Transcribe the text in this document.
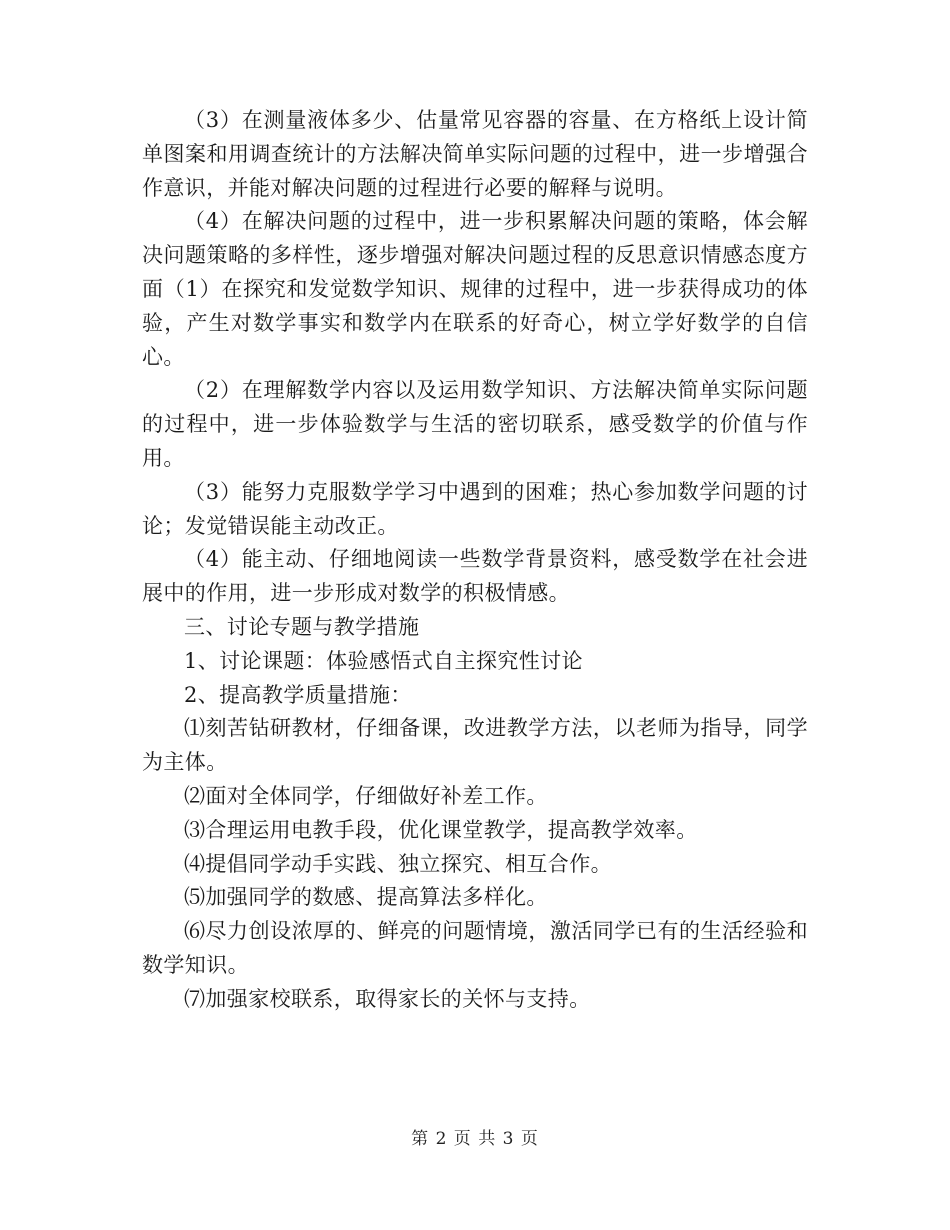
（3）在测量液体多少、估量常见容器的容量、在方格纸上设计简单图案和用调查统计的方法解决简单实际问题的过程中，进一步增强合作意识，并能对解决问题的过程进行必要的解释与说明。

（4）在解决问题的过程中，进一步积累解决问题的策略，体会解决问题策略的多样性，逐步增强对解决问题过程的反思意识情感态度方面（1）在探究和发觉数学知识、规律的过程中，进一步获得成功的体验，产生对数学事实和数学内在联系的好奇心，树立学好数学的自信心。

（2）在理解数学内容以及运用数学知识、方法解决简单实际问题的过程中，进一步体验数学与生活的密切联系，感受数学的价值与作用。

（3）能努力克服数学学习中遇到的困难；热心参加数学问题的讨论；发觉错误能主动改正。

（4）能主动、仔细地阅读一些数学背景资料，感受数学在社会进展中的作用，进一步形成对数学的积极情感。

三、讨论专题与教学措施

1、讨论课题：体验感悟式自主探究性讨论

2、提高教学质量措施：

⑴刻苦钻研教材，仔细备课，改进教学方法，以老师为指导，同学为主体。

⑵面对全体同学，仔细做好补差工作。

⑶合理运用电教手段，优化课堂教学，提高教学效率。

⑷提倡同学动手实践、独立探究、相互合作。

⑸加强同学的数感、提高算法多样化。

⑹尽力创设浓厚的、鲜亮的问题情境，激活同学已有的生活经验和数学知识。

⑺加强家校联系，取得家长的关怀与支持。

第 2 页 共 3 页
